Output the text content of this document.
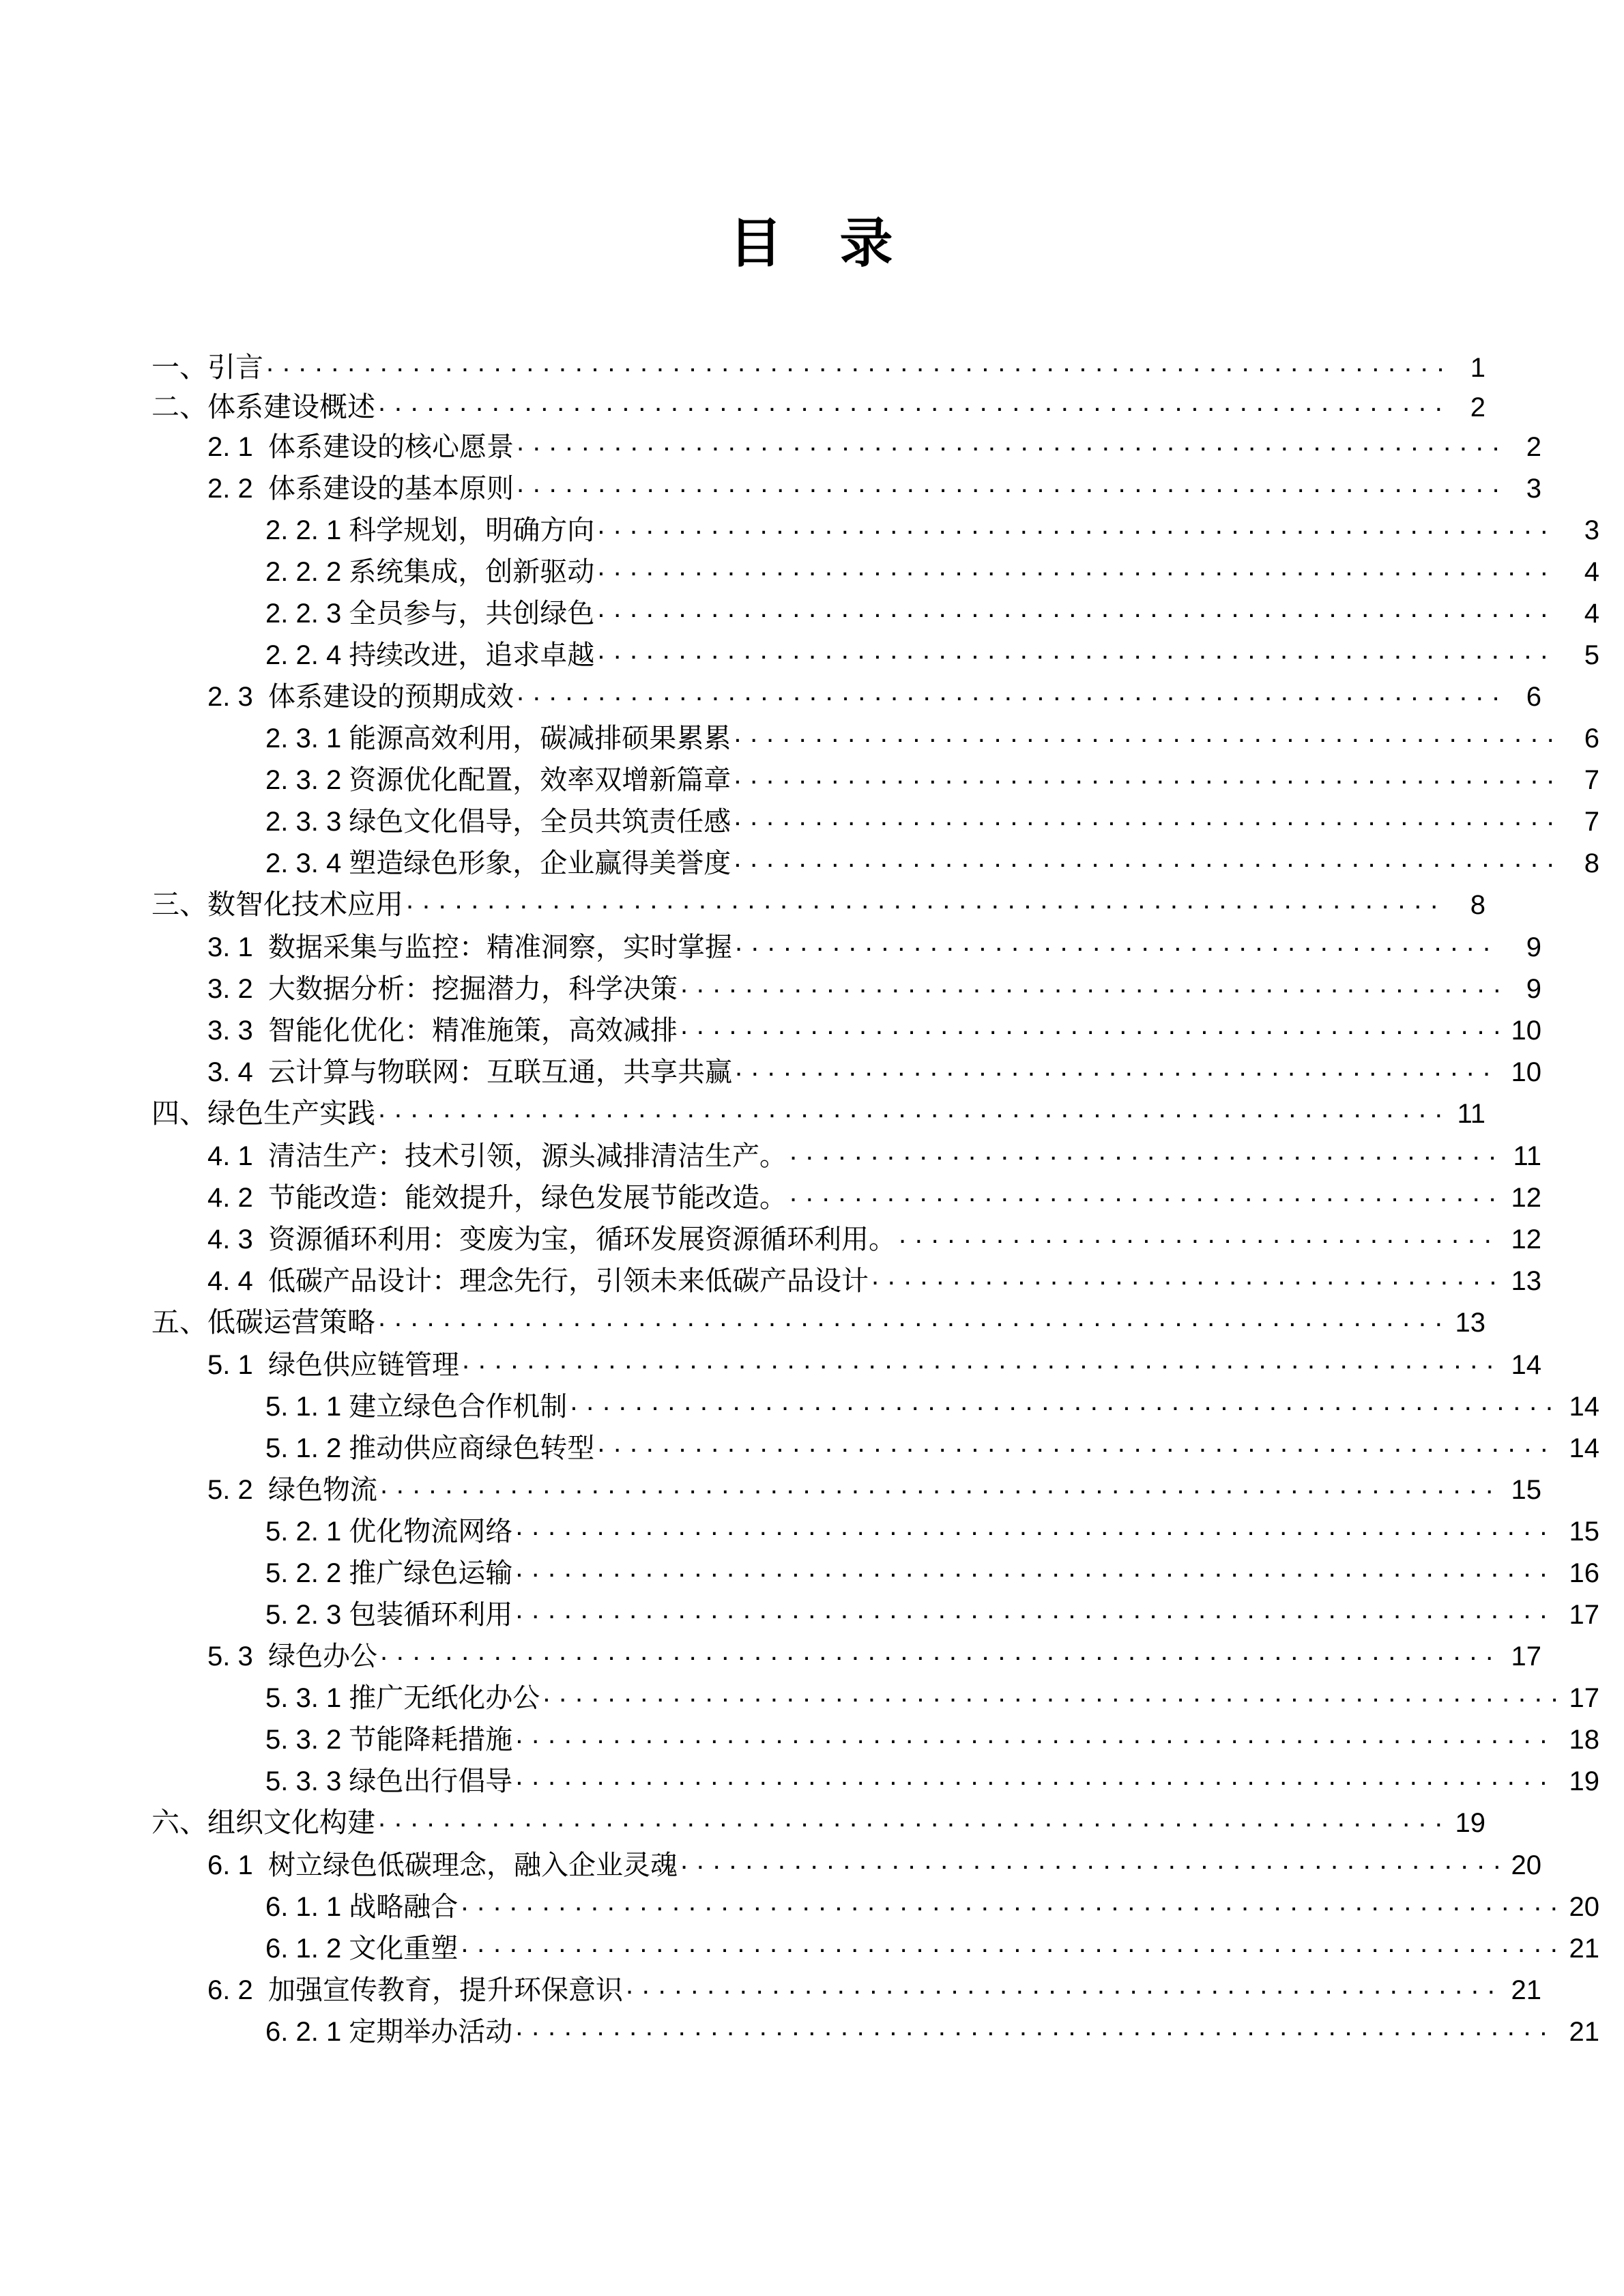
目　录
一、引言 . . .	1
二、体系建设概述 . . .	2
2. 1  体系建设的核心愿景 . . .	2
2. 2  体系建设的基本原则 . . .	3
2. 2. 1 科学规划，明确方向 . . .	3
2. 2. 2 系统集成，创新驱动 . . .	4
2. 2. 3 全员参与，共创绿色 . . .	4
2. 2. 4 持续改进，追求卓越 . . .	5
2. 3  体系建设的预期成效 . . .	6
2. 3. 1 能源高效利用，碳减排硕果累累 . . .	6
2. 3. 2 资源优化配置，效率双增新篇章 . . .	7
2. 3. 3 绿色文化倡导，全员共筑责任感 . . .	7
2. 3. 4 塑造绿色形象，企业赢得美誉度 . . .	8
三、数智化技术应用 . . .	8
3. 1  数据采集与监控：精准洞察，实时掌握 . . .	9
3. 2  大数据分析：挖掘潜力，科学决策 . . .	9
3. 3  智能化优化：精准施策，高效减排 . . .	10
3. 4  云计算与物联网：互联互通，共享共赢 . . .	10
四、绿色生产实践 . . .	11
4. 1  清洁生产：技术引领，源头减排清洁生产。 . . .	11
4. 2  节能改造：能效提升，绿色发展节能改造。 . . .	12
4. 3  资源循环利用：变废为宝，循环发展资源循环利用。 . . .	12
4. 4  低碳产品设计：理念先行，引领未来低碳产品设计 . . .	13
五、低碳运营策略 . . .	13
5. 1  绿色供应链管理 . . .	14
5. 1. 1 建立绿色合作机制 . . .	14
5. 1. 2 推动供应商绿色转型 . . .	14
5. 2  绿色物流 . . .	15
5. 2. 1 优化物流网络 . . .	15
5. 2. 2 推广绿色运输 . . .	16
5. 2. 3 包装循环利用 . . .	17
5. 3  绿色办公 . . .	17
5. 3. 1 推广无纸化办公 . . .	17
5. 3. 2 节能降耗措施 . . .	18
5. 3. 3 绿色出行倡导 . . .	19
六、组织文化构建 . . .	19
6. 1  树立绿色低碳理念，融入企业灵魂 . . .	20
6. 1. 1 战略融合 . . .	20
6. 1. 2 文化重塑 . . .	21
6. 2  加强宣传教育，提升环保意识 . . .	21
6. 2. 1 定期举办活动 . . .	21
